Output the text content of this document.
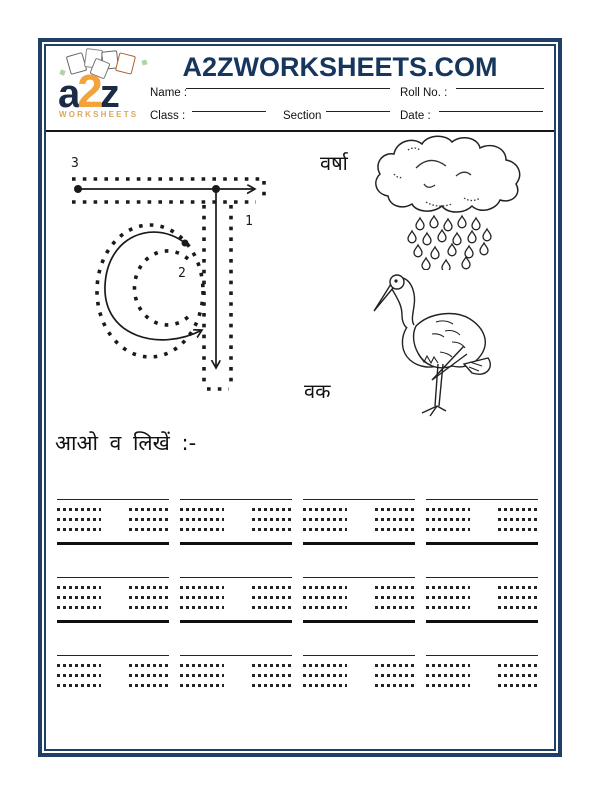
a2z
WORKSHEETS
A2ZWORKSHEETS.COM
Name :	Roll No. :
Class :	Section	Date :
3
1
2
वर्षा
वक
आओ व लिखें :-
